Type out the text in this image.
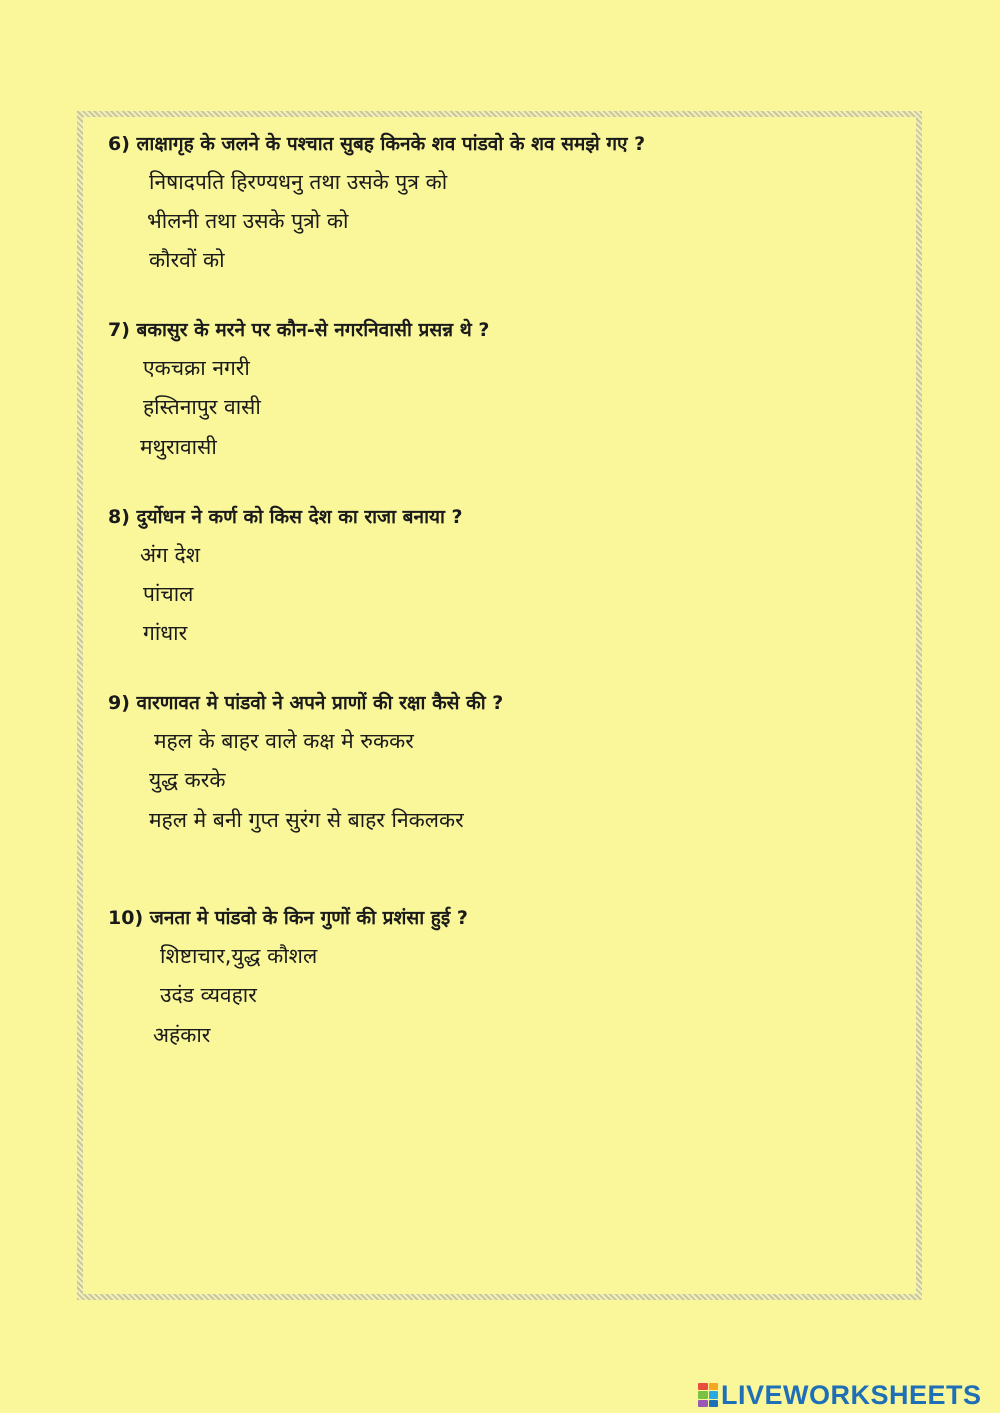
6) लाक्षागृह के जलने के पश्चात सुबह किनके शव पांडवो के शव समझे गए ?
निषादपति हिरण्यधनु तथा उसके पुत्र को
भीलनी तथा उसके पुत्रो को
कौरवों को
7) बकासुर के मरने पर कौन-से नगरनिवासी प्रसन्न थे ?
एकचक्रा नगरी
हस्तिनापुर वासी
मथुरावासी
8) दुर्योधन ने कर्ण को किस देश का राजा बनाया ?
अंग देश
पांचाल
गांधार
9) वारणावत मे पांडवो ने अपने प्राणों की रक्षा कैसे की ?
महल के बाहर वाले कक्ष मे रुककर
युद्ध करके
महल मे बनी गुप्त सुरंग से बाहर निकलकर
10) जनता मे पांडवो के किन गुणों की प्रशंसा हुई ?
शिष्टाचार,युद्ध कौशल
उदंड व्यवहार
अहंकार
LIVEWORKSHEETS
